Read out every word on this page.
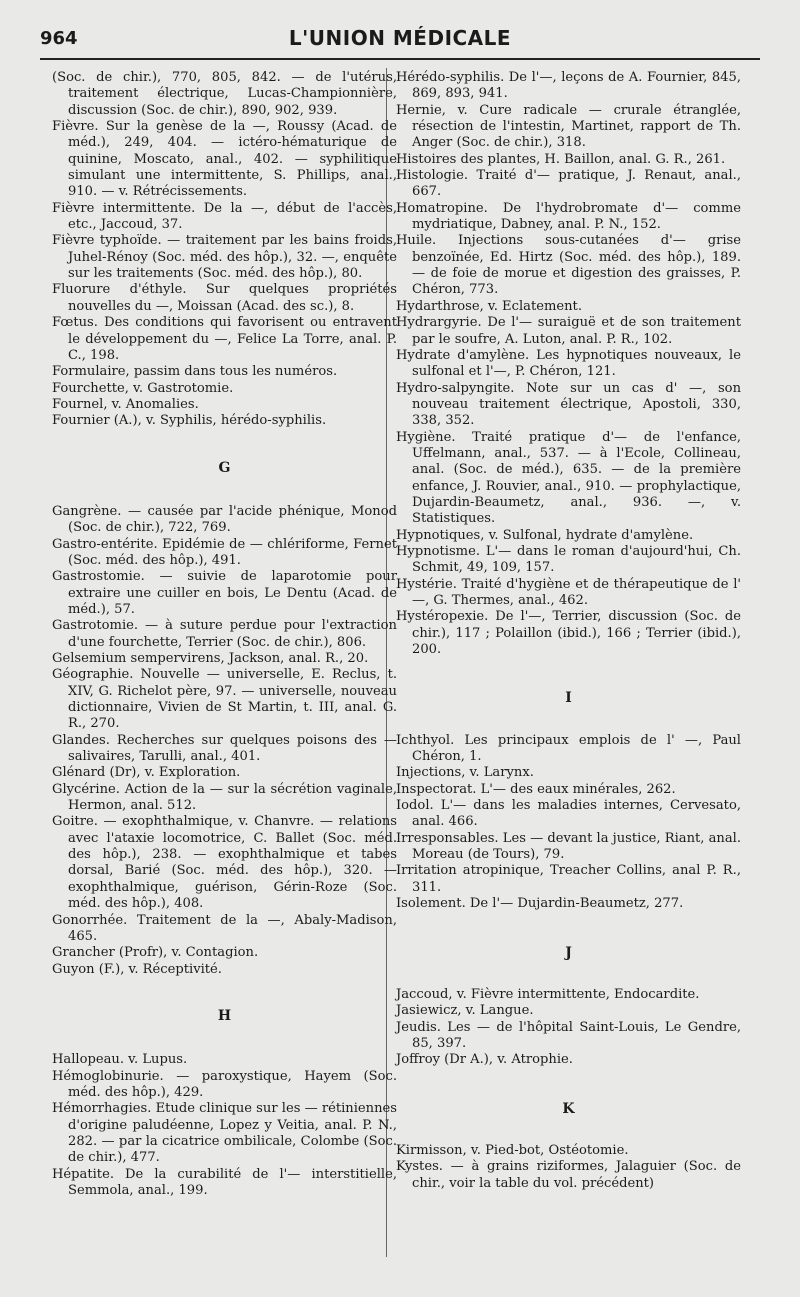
964	L'UNION MÉDICALE
(Soc. de chir.), 770, 805, 842. — de l'utérus, traitement électrique, Lucas-Championnière, discussion (Soc. de chir.), 890, 902, 939.
Fièvre. Sur la genèse de la —, Roussy (Acad. de méd.), 249, 404. — ictéro-hématurique de quinine, Moscato, anal., 402. — syphilitique simulant une intermittente, S. Phillips, anal., 910. — v. Rétrécissements.
Fièvre intermittente. De la —, début de l'accès, etc., Jaccoud, 37.
Fièvre typhoïde. — traitement par les bains froids, Juhel-Rénoy (Soc. méd. des hôp.), 32. —, enquête sur les traitements (Soc. méd. des hôp.), 80.
Fluorure d'éthyle. Sur quelques propriétés nouvelles du —, Moissan (Acad. des sc.), 8.
Fœtus. Des conditions qui favorisent ou entravent le développement du —, Felice La Torre, anal. P. C., 198.
Formulaire, passim dans tous les numéros.
Fourchette, v. Gastrotomie.
Fournel, v. Anomalies.
Fournier (A.), v. Syphilis, hérédo-syphilis.
G
Gangrène. — causée par l'acide phénique, Monod (Soc. de chir.), 722, 769.
Gastro-entérite. Epidémie de — chlériforme, Fernet (Soc. méd. des hôp.), 491.
Gastrostomie. — suivie de laparotomie pour extraire une cuiller en bois, Le Dentu (Acad. de méd.), 57.
Gastrotomie. — à suture perdue pour l'extraction d'une fourchette, Terrier (Soc. de chir.), 806.
Gelsemium sempervirens, Jackson, anal. R., 20.
Géographie. Nouvelle — universelle, E. Reclus, t. XIV, G. Richelot père, 97. — universelle, nouveau dictionnaire, Vivien de St Martin, t. III, anal. G. R., 270.
Glandes. Recherches sur quelques poisons des — salivaires, Tarulli, anal., 401.
Glénard (Dr), v. Exploration.
Glycérine. Action de la — sur la sécrétion vaginale, Hermon, anal. 512.
Goitre. — exophthalmique, v. Chanvre. — relations avec l'ataxie locomotrice, C. Ballet (Soc. méd. des hôp.), 238. — exophthalmique et tabes dorsal, Barié (Soc. méd. des hôp.), 320. — exophthalmique, guérison, Gérin-Roze (Soc. méd. des hôp.), 408.
Gonorrhée. Traitement de la —, Abaly-Madison, 465.
Grancher (Profr), v. Contagion.
Guyon (F.), v. Réceptivité.
H
Hallopeau. v. Lupus.
Hémoglobinurie. — paroxystique, Hayem (Soc. méd. des hôp.), 429.
Hémorrhagies. Etude clinique sur les — rétiniennes d'origine paludéenne, Lopez y Veitia, anal. P. N., 282. — par la cicatrice ombilicale, Colombe (Soc. de chir.), 477.
Hépatite. De la curabilité de l'— interstitielle, Semmola, anal., 199.
Hérédo-syphilis. De l'—, leçons de A. Fournier, 845, 869, 893, 941.
Hernie, v. Cure radicale — crurale étranglée, résection de l'intestin, Martinet, rapport de Th. Anger (Soc. de chir.), 318.
Histoires des plantes, H. Baillon, anal. G. R., 261.
Histologie. Traité d'— pratique, J. Renaut, anal., 667.
Homatropine. De l'hydrobromate d'— comme mydriatique, Dabney, anal. P. N., 152.
Huile. Injections sous-cutanées d'— grise benzoïnée, Ed. Hirtz (Soc. méd. des hôp.), 189. — de foie de morue et digestion des graisses, P. Chéron, 773.
Hydarthrose, v. Eclatement.
Hydrargyrie. De l'— suraiguë et de son traitement par le soufre, A. Luton, anal. P. R., 102.
Hydrate d'amylène. Les hypnotiques nouveaux, le sulfonal et l'—, P. Chéron, 121.
Hydro-salpyngite. Note sur un cas d' —, son nouveau traitement électrique, Apostoli, 330, 338, 352.
Hygiène. Traité pratique d'— de l'enfance, Uffelmann, anal., 537. — à l'Ecole, Collineau, anal. (Soc. de méd.), 635. — de la première enfance, J. Rouvier, anal., 910. — prophylactique, Dujardin-Beaumetz, anal., 936. —, v. Statistiques.
Hypnotiques, v. Sulfonal, hydrate d'amylène.
Hypnotisme. L'— dans le roman d'aujourd'hui, Ch. Schmit, 49, 109, 157.
Hystérie. Traité d'hygiène et de thérapeutique de l' —, G. Thermes, anal., 462.
Hystéropexie. De l'—, Terrier, discussion (Soc. de chir.), 117 ; Polaillon (ibid.), 166 ; Terrier (ibid.), 200.
I
Ichthyol. Les principaux emplois de l' —, Paul Chéron, 1.
Injections, v. Larynx.
Inspectorat. L'— des eaux minérales, 262.
Iodol. L'— dans les maladies internes, Cervesato, anal. 466.
Irresponsables. Les — devant la justice, Riant, anal. Moreau (de Tours), 79.
Irritation atropinique, Treacher Collins, anal P. R., 311.
Isolement. De l'— Dujardin-Beaumetz, 277.
J
Jaccoud, v. Fièvre intermittente, Endocardite.
Jasiewicz, v. Langue.
Jeudis. Les — de l'hôpital Saint-Louis, Le Gendre, 85, 397.
Joffroy (Dr A.), v. Atrophie.
K
Kirmisson, v. Pied-bot, Ostéotomie.
Kystes. — à grains riziformes, Jalaguier (Soc. de chir., voir la table du vol. précédent)
